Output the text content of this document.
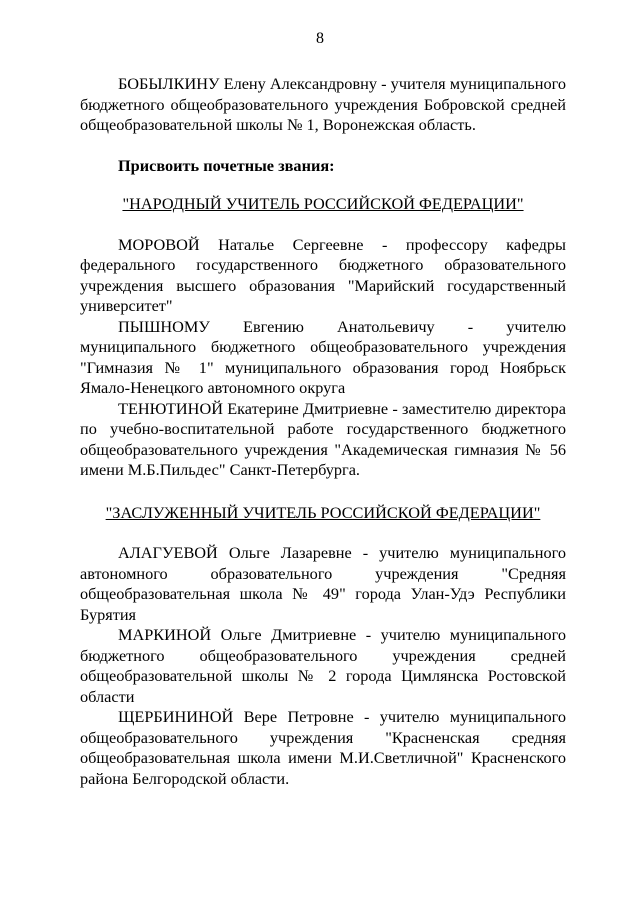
8

БОБЫЛКИНУ Елену Александровну - учителя муниципального бюджетного общеобразовательного учреждения Бобровской средней общеобразовательной школы № 1, Воронежская область.

Присвоить почетные звания:

"НАРОДНЫЙ УЧИТЕЛЬ РОССИЙСКОЙ ФЕДЕРАЦИИ"

МОРОВОЙ Наталье Сергеевне - профессору кафедры федерального государственного бюджетного образовательного учреждения высшего образования "Марийский государственный университет"

ПЫШНОМУ Евгению Анатольевичу - учителю муниципального бюджетного общеобразовательного учреждения "Гимназия № 1" муниципального образования город Ноябрьск Ямало-Ненецкого автономного округа

ТЕНЮТИНОЙ Екатерине Дмитриевне - заместителю директора по учебно-воспитательной работе государственного бюджетного общеобразовательного учреждения "Академическая гимназия № 56 имени М.Б.Пильдес" Санкт-Петербурга.

"ЗАСЛУЖЕННЫЙ УЧИТЕЛЬ РОССИЙСКОЙ ФЕДЕРАЦИИ"

АЛАГУЕВОЙ Ольге Лазаревне - учителю муниципального автономного образовательного учреждения "Средняя общеобразовательная школа № 49" города Улан-Удэ Республики Бурятия

МАРКИНОЙ Ольге Дмитриевне - учителю муниципального бюджетного общеобразовательного учреждения средней общеобразовательной школы № 2 города Цимлянска Ростовской области

ЩЕРБИНИНОЙ Вере Петровне - учителю муниципального общеобразовательного учреждения "Красненская средняя общеобразовательная школа имени М.И.Светличной" Красненского района Белгородской области.
